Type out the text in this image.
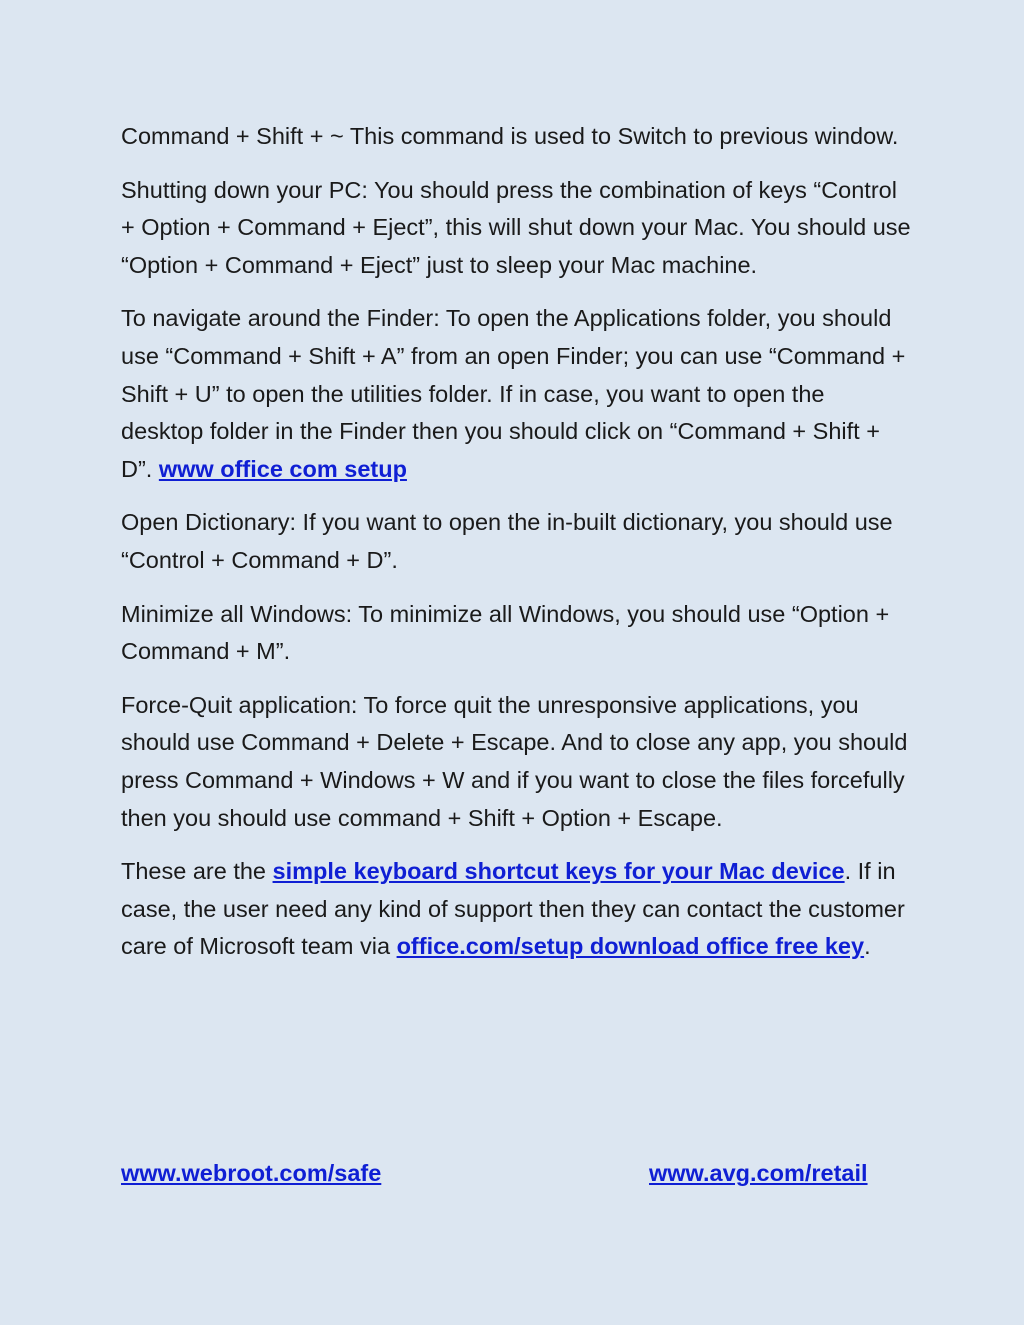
Command + Shift + ~ This command is used to Switch to previous window.

Shutting down your PC: You should press the combination of keys “Control + Option + Command + Eject”, this will shut down your Mac. You should use “Option + Command + Eject” just to sleep your Mac machine.

To navigate around the Finder: To open the Applications folder, you should use “Command + Shift + A” from an open Finder; you can use “Command + Shift + U” to open the utilities folder. If in case, you want to open the desktop folder in the Finder then you should click on “Command + Shift + D”. www office com setup

Open Dictionary: If you want to open the in-built dictionary, you should use “Control + Command + D”.

Minimize all Windows: To minimize all Windows, you should use “Option + Command + M”.

Force-Quit application: To force quit the unresponsive applications, you should use Command + Delete + Escape. And to close any app, you should press Command + Windows + W and if you want to close the files forcefully then you should use command + Shift + Option + Escape.

These are the simple keyboard shortcut keys for your Mac device. If in case, the user need any kind of support then they can contact the customer care of Microsoft team via office.com/setup download office free key.

www.webroot.com/safe	www.avg.com/retail
